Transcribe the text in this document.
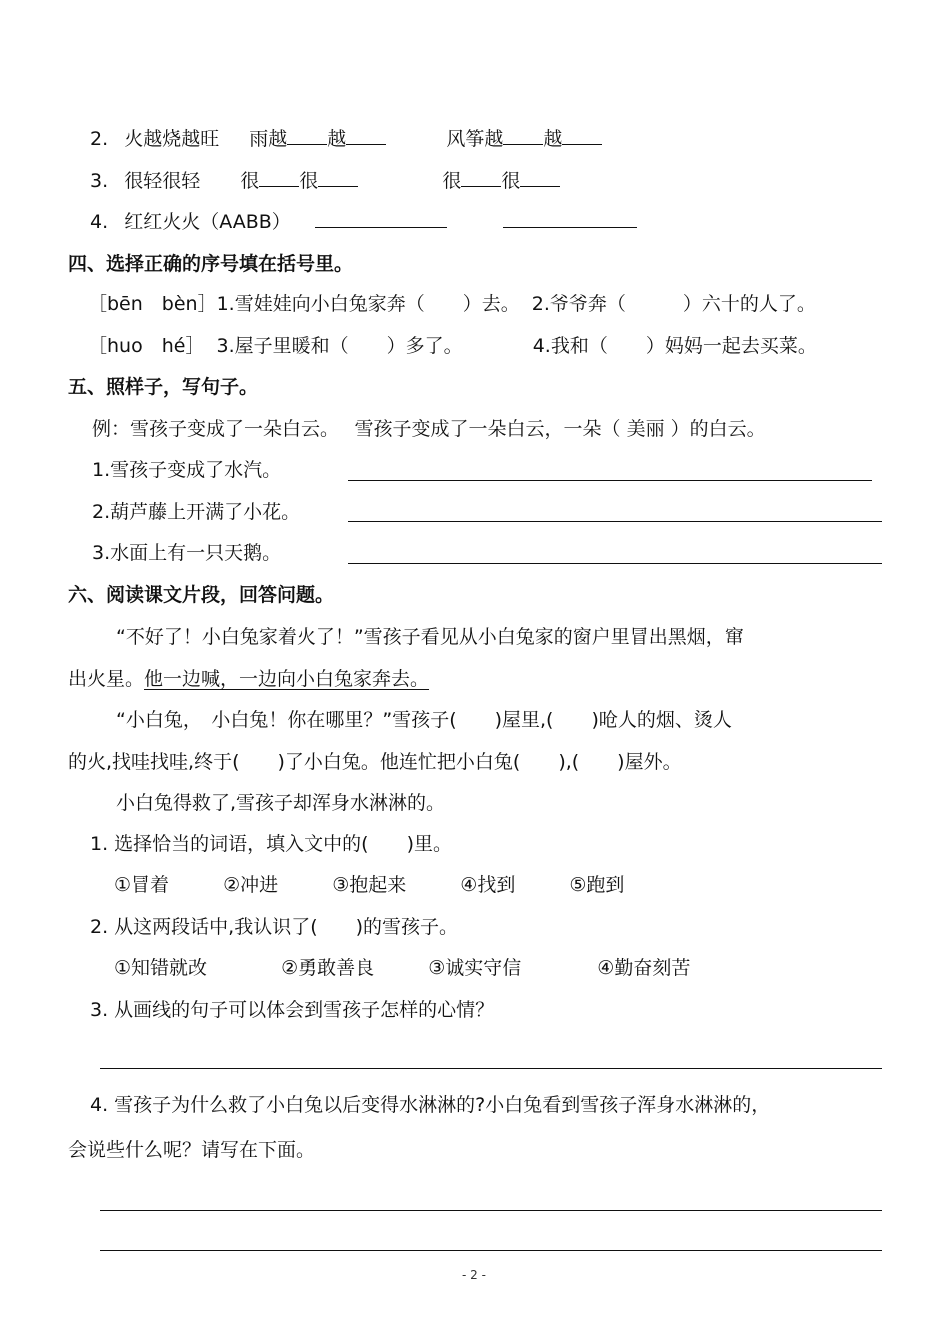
2. 火越烧越旺 雨越 越	风筝越 越
3. 很轻很轻 很 很	很 很
4. 红红火火（AABB）
四、选择正确的序号填在括号里。
［bēn　bèn］1.雪娃娃向小白兔家奔（　　）去。 2.爷爷奔（　　　）六十的人了。
［huo　hé］ 3.屋子里暖和（　　）多了。	4.我和（　　）妈妈一起去买菜。
五、照样子，写句子。
例：雪孩子变成了一朵白云。　 雪孩子变成了一朵白云，一朵（ 美丽 ）的白云。
1.雪孩子变成了水汽。
2.葫芦藤上开满了小花。
3.水面上有一只天鹅。
六、阅读课文片段，回答问题。
“不好了！小白兔家着火了！”雪孩子看见从小白兔家的窗户里冒出黑烟，窜
出火星。他一边喊，一边向小白兔家奔去。
“小白兔，　小白兔！你在哪里？”雪孩子(　　)屋里,(　　)呛人的烟、烫人
的火,找哇找哇,终于(　　)了小白兔。他连忙把小白兔(　　),(　　)屋外。
小白兔得救了,雪孩子却浑身水淋淋的。
1. 选择恰当的词语，填入文中的(　　)里。
①冒着	②冲进	③抱起来	④找到	⑤跑到
2. 从这两段话中,我认识了(　　)的雪孩子。
①知错就改	②勇敢善良	③诚实守信	④勤奋刻苦
3. 从画线的句子可以体会到雪孩子怎样的心情？
4. 雪孩子为什么救了小白兔以后变得水淋淋的?小白兔看到雪孩子浑身水淋淋的，
会说些什么呢？请写在下面。
- 2 -
